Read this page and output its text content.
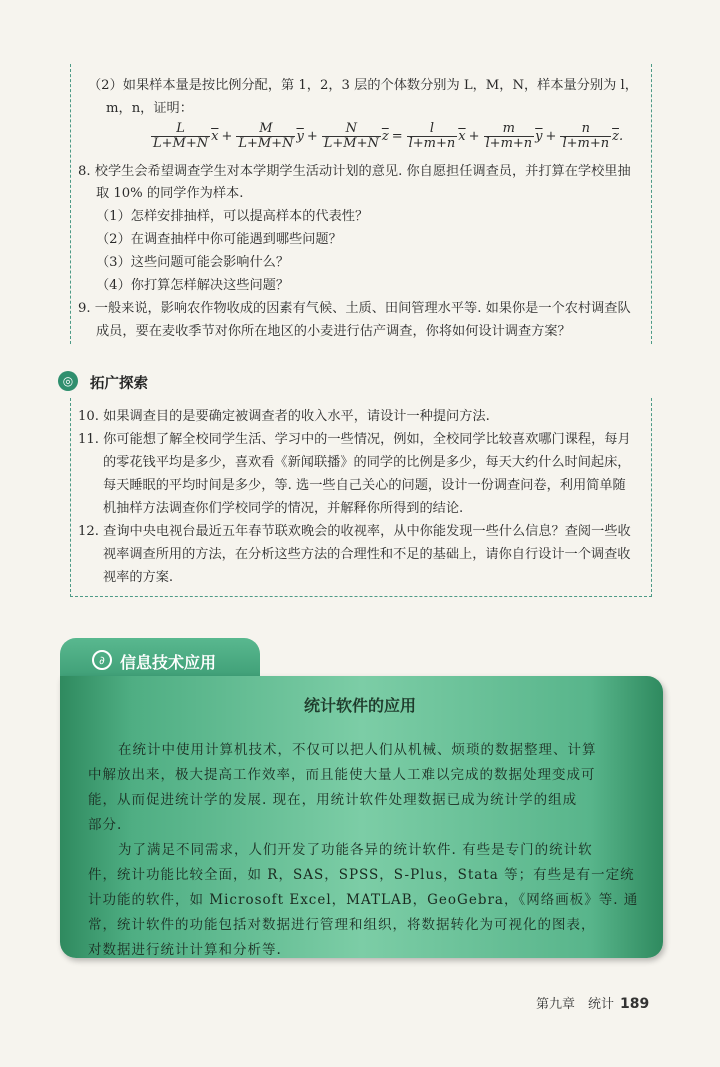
（2）如果样本量是按比例分配，第 1，2，3 层的个体数分别为 L，M，N，样本量分别为 l，
m，n，证明：
$\frac{L}{L+M+N} \overline{x} + \frac{M}{L+M+N} \overline{y} + \frac{N}{L+M+N} \overline{z} = \frac{l}{l+m+n} \overline{x} + \frac{m}{l+m+n} \overline{y} + \frac{n}{l+m+n} \overline{z}$ .
8. 校学生会希望调查学生对本学期学生活动计划的意见. 你自愿担任调查员，并打算在学校里抽
取 10% 的同学作为样本.
（1）怎样安排抽样，可以提高样本的代表性？
（2）在调查抽样中你可能遇到哪些问题？
（3）这些问题可能会影响什么？
（4）你打算怎样解决这些问题？
9. 一般来说，影响农作物收成的因素有气候、土质、田间管理水平等. 如果你是一个农村调查队
成员，要在麦收季节对你所在地区的小麦进行估产调查，你将如何设计调查方案？
◎	拓广探索
10. 如果调查目的是要确定被调查者的收入水平，请设计一种提问方法.
11. 你可能想了解全校同学生活、学习中的一些情况，例如，全校同学比较喜欢哪门课程，每月
的零花钱平均是多少，喜欢看《新闻联播》的同学的比例是多少，每天大约什么时间起床，
每天睡眠的平均时间是多少，等. 选一些自己关心的问题，设计一份调查问卷，利用简单随
机抽样方法调查你们学校同学的情况，并解释你所得到的结论.
12. 查询中央电视台最近五年春节联欢晚会的收视率，从中你能发现一些什么信息？查阅一些收
视率调查所用的方法，在分析这些方法的合理性和不足的基础上，请你自行设计一个调查收
视率的方案.
∂ 信息技术应用
统计软件的应用
在统计中使用计算机技术，不仅可以把人们从机械、烦琐的数据整理、计算
中解放出来，极大提高工作效率，而且能使大量人工难以完成的数据处理变成可
能，从而促进统计学的发展. 现在，用统计软件处理数据已成为统计学的组成
部分.
为了满足不同需求，人们开发了功能各异的统计软件. 有些是专门的统计软
件，统计功能比较全面，如 R，SAS，SPSS，S-Plus，Stata 等；有些是有一定统
计功能的软件，如 Microsoft Excel，MATLAB，GeoGebra，《网络画板》等. 通
常，统计软件的功能包括对数据进行管理和组织，将数据转化为可视化的图表，
对数据进行统计计算和分析等.
第九章　统计 189
